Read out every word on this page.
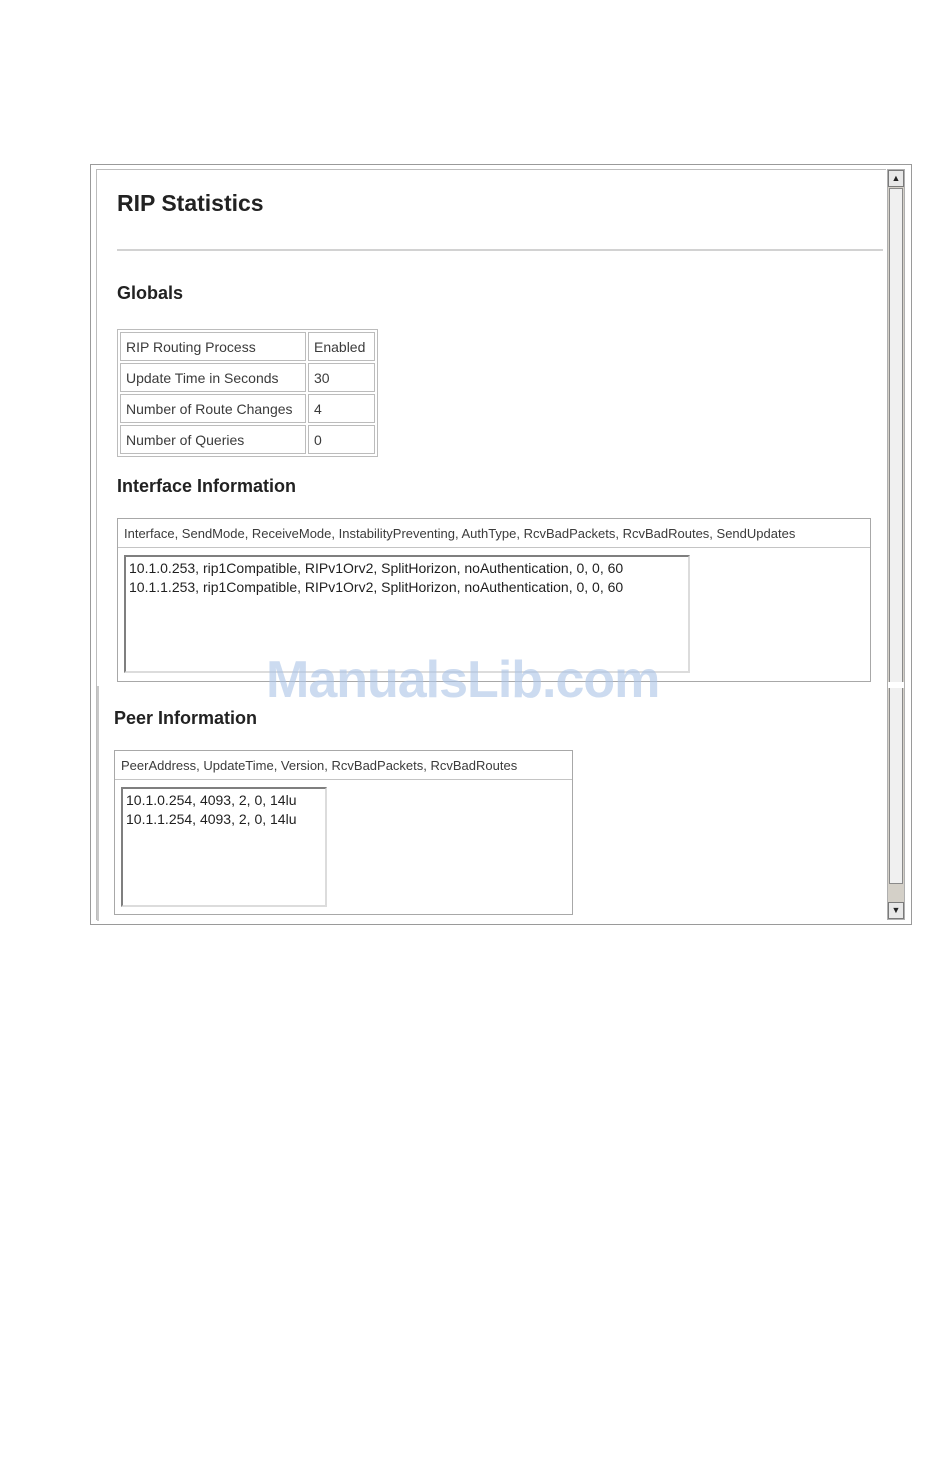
RIP Statistics
Globals
RIP Routing Process	Enabled
Update Time in Seconds	30
Number of Route Changes	4
Number of Queries	0
Interface Information
Interface, SendMode, ReceiveMode, InstabilityPreventing, AuthType, RcvBadPackets, RcvBadRoutes, SendUpdates
10.1.0.253, rip1Compatible, RIPv1Orv2, SplitHorizon, noAuthentication, 0, 0, 60
10.1.1.253, rip1Compatible, RIPv1Orv2, SplitHorizon, noAuthentication, 0, 0, 60
Peer Information
PeerAddress, UpdateTime, Version, RcvBadPackets, RcvBadRoutes
10.1.0.254, 4093, 2, 0, 14lu
10.1.1.254, 4093, 2, 0, 14lu
▲
▼
ManualsLib.com
